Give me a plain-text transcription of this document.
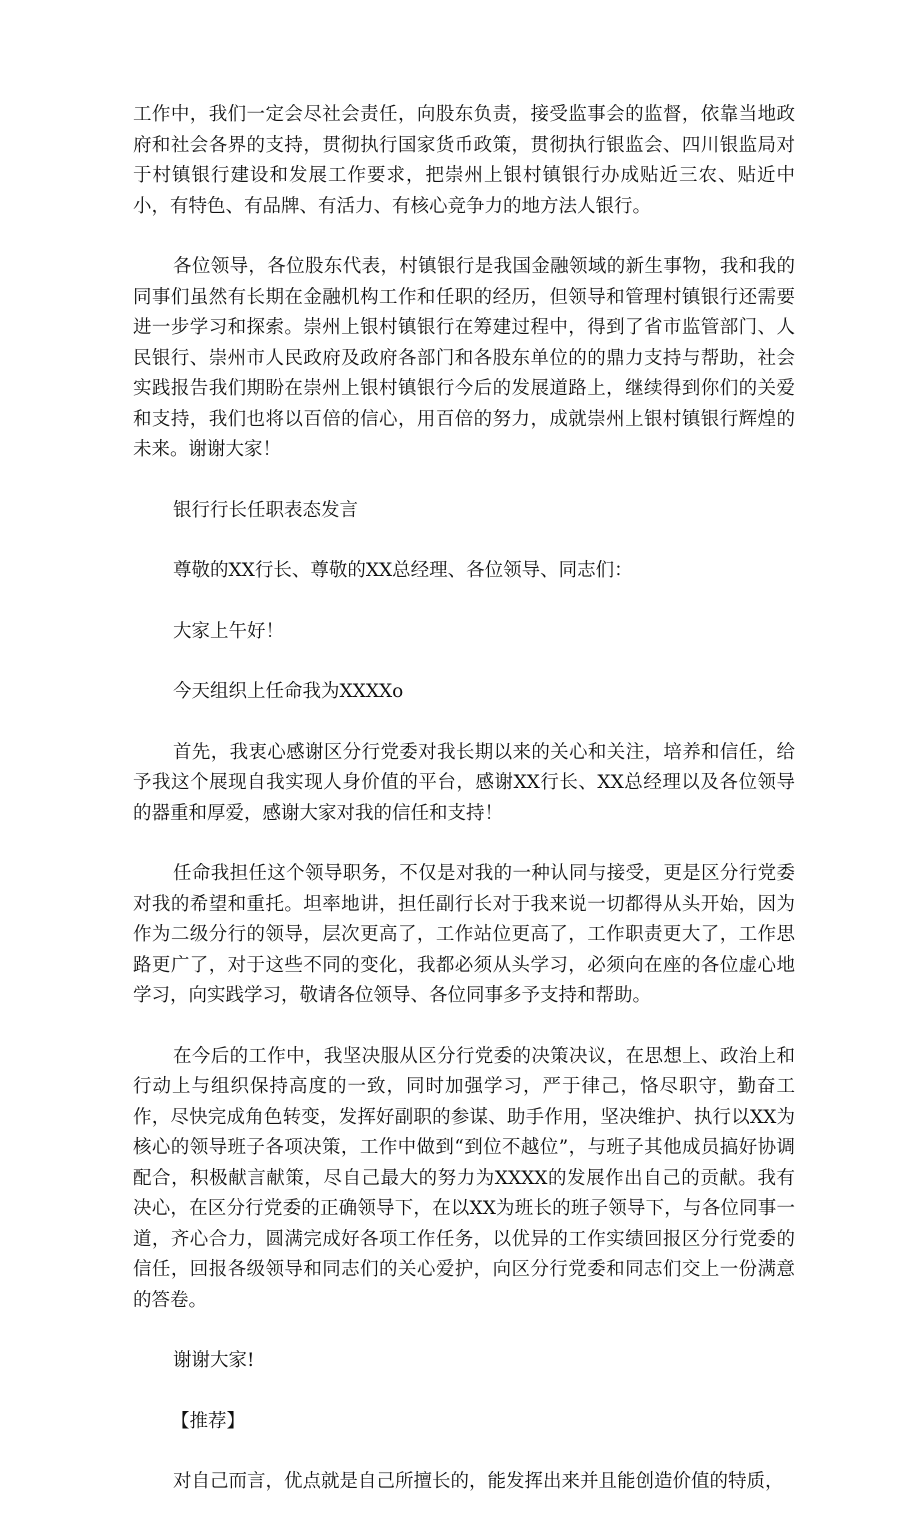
工作中，我们一定会尽社会责任，向股东负责，接受监事会的监督，依靠当地政府和社会各界的支持，贯彻执行国家货币政策，贯彻执行银监会、四川银监局对于村镇银行建设和发展工作要求，把崇州上银村镇银行办成贴近三农、贴近中小，有特色、有品牌、有活力、有核心竞争力的地方法人银行。

各位领导，各位股东代表，村镇银行是我国金融领域的新生事物，我和我的同事们虽然有长期在金融机构工作和任职的经历，但领导和管理村镇银行还需要进一步学习和探索。崇州上银村镇银行在筹建过程中，得到了省市监管部门、人民银行、崇州市人民政府及政府各部门和各股东单位的的鼎力支持与帮助，社会实践报告我们期盼在崇州上银村镇银行今后的发展道路上，继续得到你们的关爱和支持，我们也将以百倍的信心，用百倍的努力，成就崇州上银村镇银行辉煌的未来。谢谢大家！

银行行长任职表态发言

尊敬的XX行长、尊敬的XX总经理、各位领导、同志们：

大家上午好！

今天组织上任命我为XXXXo

首先，我衷心感谢区分行党委对我长期以来的关心和关注，培养和信任，给予我这个展现自我实现人身价值的平台，感谢XX行长、XX总经理以及各位领导的器重和厚爱，感谢大家对我的信任和支持！

任命我担任这个领导职务，不仅是对我的一种认同与接受，更是区分行党委对我的希望和重托。坦率地讲，担任副行长对于我来说一切都得从头开始，因为作为二级分行的领导，层次更高了，工作站位更高了，工作职责更大了，工作思路更广了，对于这些不同的变化，我都必须从头学习，必须向在座的各位虚心地学习，向实践学习，敬请各位领导、各位同事多予支持和帮助。

在今后的工作中，我坚决服从区分行党委的决策决议，在思想上、政治上和行动上与组织保持高度的一致，同时加强学习，严于律己，恪尽职守，勤奋工作，尽快完成角色转变，发挥好副职的参谋、助手作用，坚决维护、执行以XX为核心的领导班子各项决策，工作中做到“到位不越位”，与班子其他成员搞好协调配合，积极献言献策，尽自己最大的努力为XXXX的发展作出自己的贡献。我有决心，在区分行党委的正确领导下，在以XX为班长的班子领导下，与各位同事一道，齐心合力，圆满完成好各项工作任务，以优异的工作实绩回报区分行党委的信任，回报各级领导和同志们的关心爱护，向区分行党委和同志们交上一份满意的答卷。

谢谢大家!

【推荐】

对自己而言，优点就是自己所擅长的，能发挥出来并且能创造价值的特质，
